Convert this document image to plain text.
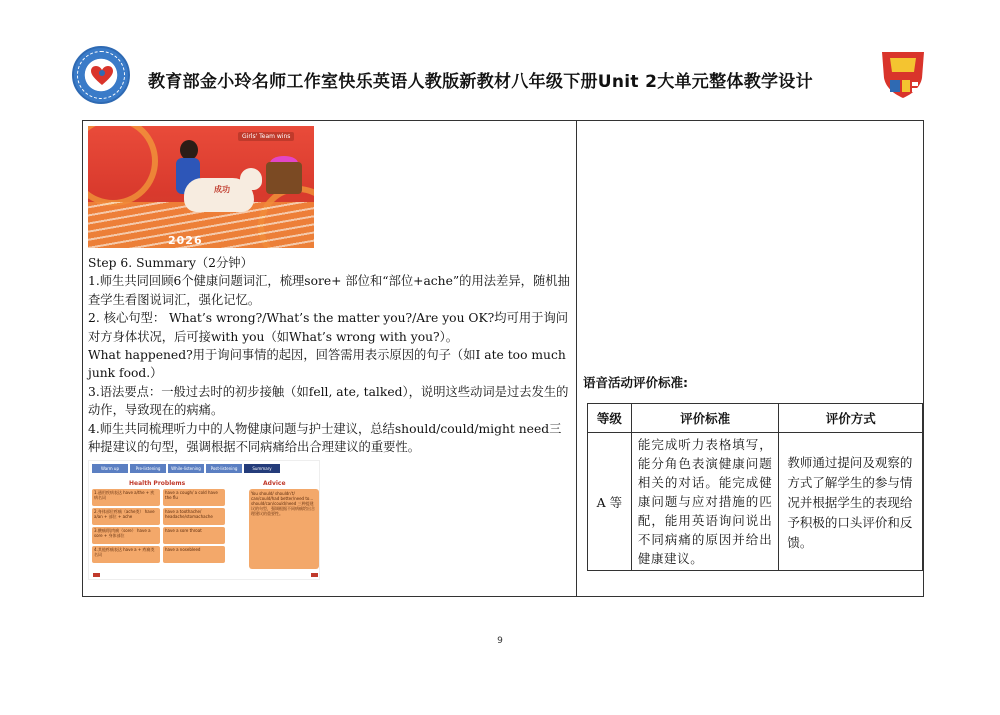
教育部金小玲名师工作室快乐英语人教版新教材八年级下册Unit 2大单元整体教学设计
Girls' Team wins
成功
2026

Step 6. Summary（2分钟）

1.师生共同回顾6个健康问题词汇，梳理sore+ 部位和“部位+ache”的用法差异，随机抽查学生看图说词汇，强化记忆。

2. 核心句型： What’s wrong?/What’s the matter you?/Are you OK?均可用于询问对方身体状况，后可接with you（如What’s wrong with you?）。

What happened?用于询问事情的起因，回答需用表示原因的句子（如I ate too much junk food.）

3.语法要点：一般过去时的初步接触（如fell, ate, talked），说明这些动词是过去发生的动作，导致现在的病痛。

4.师生共同梳理听力中的人物健康问题与护士建议，总结should/could/might need三种提建议的句型，强调根据不同病痛给出合理建议的重要性。

Warm up	Pre-listening	While-listening	Post-listening	Summary
Health Problems	Advice
1.通用疾病表达 have a/the + 疾病名词
2.身体部位疼痛（ache类） have a/an + 部位 + ache
3.酸痛/肌肉痛（sore） have a sore + 身体部位
4.其他疼痛表达 have a + 疼痛类名词
have a cough/ a cold have the flu
have a toothache/ headache/stomachache
have a sore throat
have a nosebleed
You should/ shouldn't/ can/could/had better/need to... should/can/could/need 三种提建议的句型，强调根据不同病痛给出合理建议的重要性。
语音活动评价标准:
等级	评价标准	评价方式
A 等	能完成听力表格填写，能分角色表演健康问题相关的对话。能完成健康问题与应对措施的匹配，能用英语询问说出不同病痛的原因并给出健康建议。	教师通过提问及观察的方式了解学生的参与情况并根据学生的表现给予积极的口头评价和反馈。
9
